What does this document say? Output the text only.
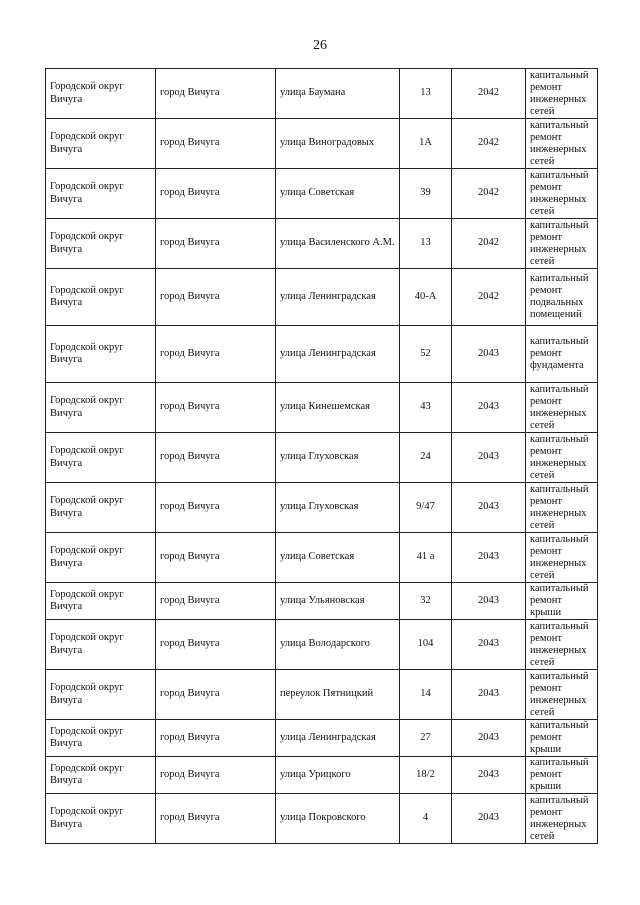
26
Городской округ Вичуга	город Вичуга	улица Баумана	13	2042	капитальный ремонт инженерных сетей
Городской округ Вичуга	город Вичуга	улица Виноградовых	1А	2042	капитальный ремонт инженерных сетей
Городской округ Вичуга	город Вичуга	улица Советская	39	2042	капитальный ремонт инженерных сетей
Городской округ Вичуга	город Вичуга	улица Василенского А.М.	13	2042	капитальный ремонт инженерных сетей
Городской округ Вичуга	город Вичуга	улица Ленинградская	40-А	2042	капитальный ремонт подвальных помещений
Городской округ Вичуга	город Вичуга	улица Ленинградская	52	2043	капитальный ремонт фундамента
Городской округ Вичуга	город Вичуга	улица Кинешемская	43	2043	капитальный ремонт инженерных сетей
Городской округ Вичуга	город Вичуга	улица Глуховская	24	2043	капитальный ремонт инженерных сетей
Городской округ Вичуга	город Вичуга	улица Глуховская	9/47	2043	капитальный ремонт инженерных сетей
Городской округ Вичуга	город Вичуга	улица Советская	41 а	2043	капитальный ремонт инженерных сетей
Городской округ Вичуга	город Вичуга	улица Ульяновская	32	2043	капитальный ремонт крыши
Городской округ Вичуга	город Вичуга	улица Володарского	104	2043	капитальный ремонт инженерных сетей
Городской округ Вичуга	город Вичуга	переулок Пятницкий	14	2043	капитальный ремонт инженерных сетей
Городской округ Вичуга	город Вичуга	улица Ленинградская	27	2043	капитальный ремонт крыши
Городской округ Вичуга	город Вичуга	улица Урицкого	18/2	2043	капитальный ремонт крыши
Городской округ Вичуга	город Вичуга	улица Покровского	4	2043	капитальный ремонт инженерных сетей
